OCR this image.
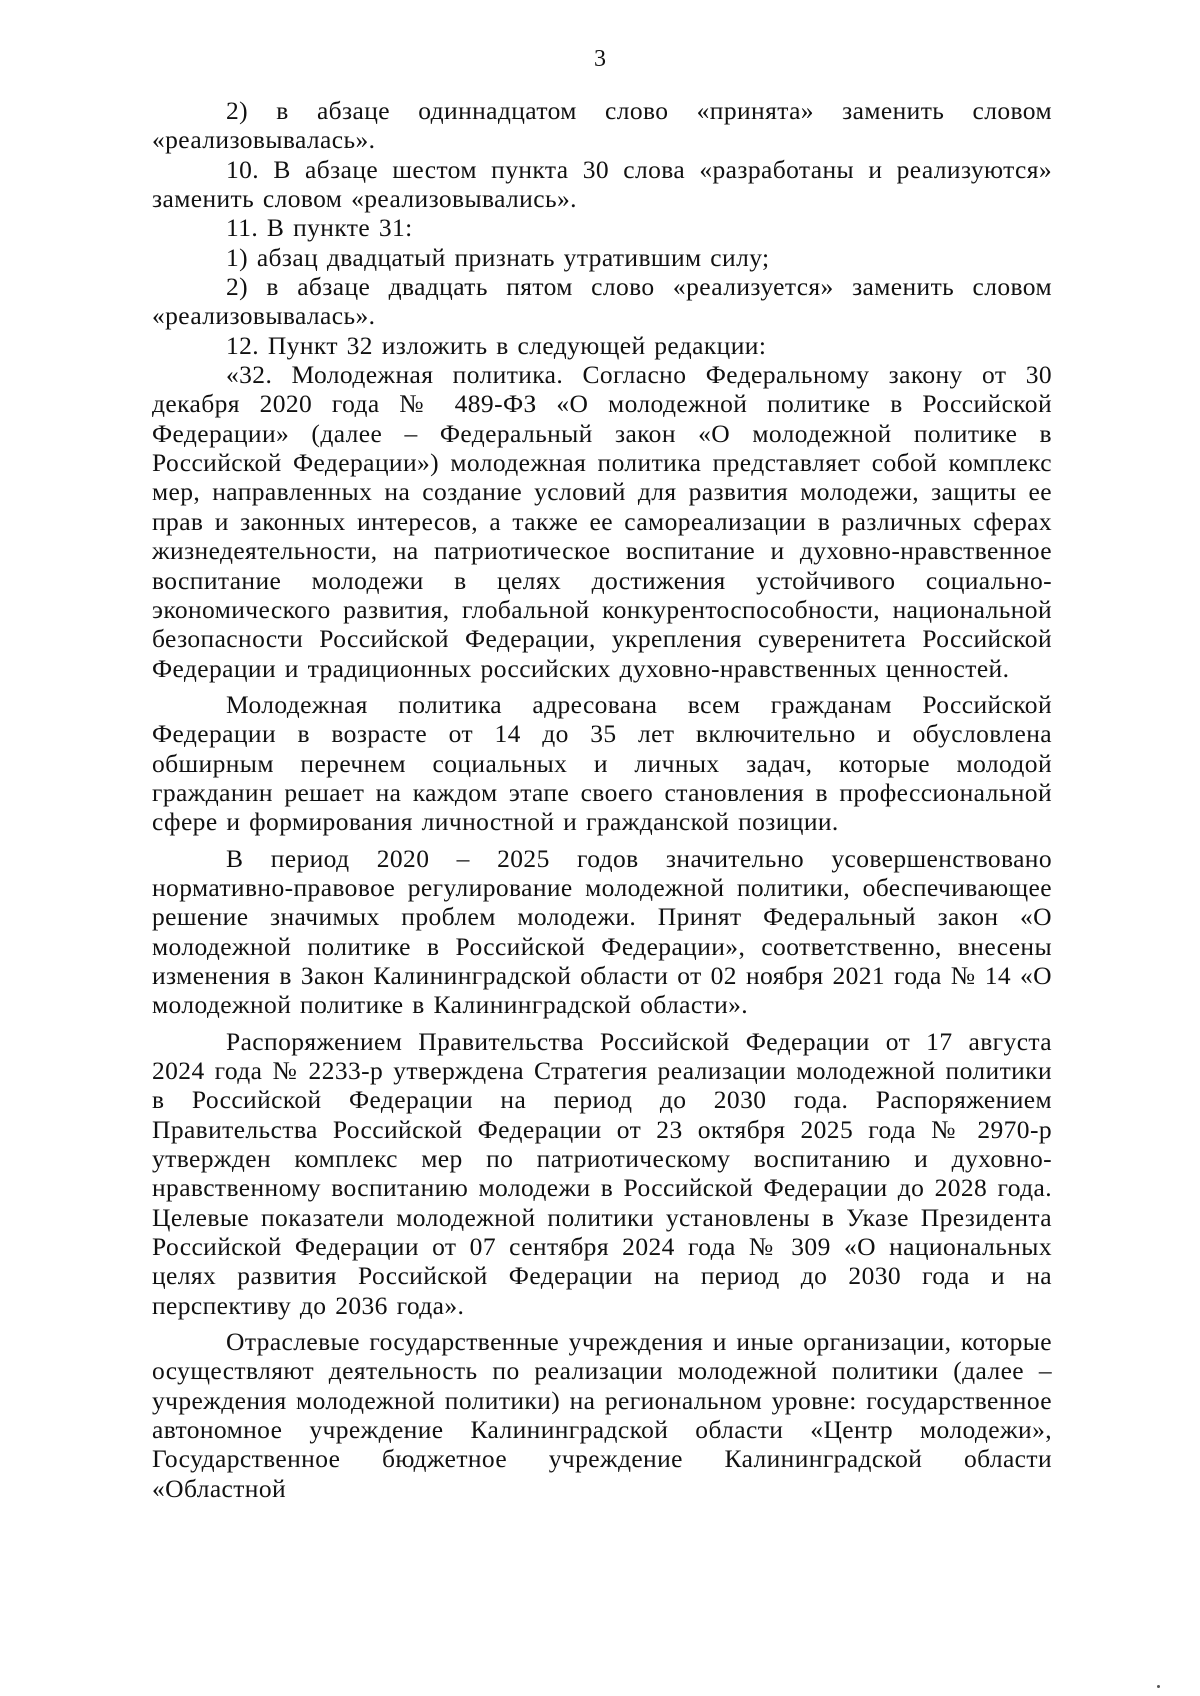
3

2) в абзаце одиннадцатом слово «принята» заменить словом «реализовывалась».

10. В абзаце шестом пункта 30 слова «разработаны и реализуются» заменить словом «реализовывались».

11. В пункте 31:

1) абзац двадцатый признать утратившим силу;

2) в абзаце двадцать пятом слово «реализуется» заменить словом «реализовывалась».

12. Пункт 32 изложить в следующей редакции:

«32. Молодежная политика. Согласно Федеральному закону от 30 декабря 2020 года № 489-ФЗ «О молодежной политике в Российской Федерации» (далее – Федеральный закон «О молодежной политике в Российской Федерации») молодежная политика представляет собой комплекс мер, направленных на создание условий для развития молодежи, защиты ее прав и законных интересов, а также ее самореализации в различных сферах жизнедеятельности, на патриотическое воспитание и духовно-нравственное воспитание молодежи в целях достижения устойчивого социально-экономического развития, глобальной конкурентоспособности, национальной безопасности Российской Федерации, укрепления суверенитета Российской Федерации и традиционных российских духовно-нравственных ценностей.

Молодежная политика адресована всем гражданам Российской Федерации в возрасте от 14 до 35 лет включительно и обусловлена обширным перечнем социальных и личных задач, которые молодой гражданин решает на каждом этапе своего становления в профессиональной сфере и формирования личностной и гражданской позиции.

В период 2020 – 2025 годов значительно усовершенствовано нормативно-правовое регулирование молодежной политики, обеспечивающее решение значимых проблем молодежи. Принят Федеральный закон «О молодежной политике в Российской Федерации», соответственно, внесены изменения в Закон Калининградской области от 02 ноября 2021 года № 14 «О молодежной политике в Калининградской области».

Распоряжением Правительства Российской Федерации от 17 августа 2024 года № 2233-р утверждена Стратегия реализации молодежной политики в Российской Федерации на период до 2030 года. Распоряжением Правительства Российской Федерации от 23 октября 2025 года № 2970-р утвержден комплекс мер по патриотическому воспитанию и духовно-нравственному воспитанию молодежи в Российской Федерации до 2028 года. Целевые показатели молодежной политики установлены в Указе Президента Российской Федерации от 07 сентября 2024 года № 309 «О национальных целях развития Российской Федерации на период до 2030 года и на перспективу до 2036 года».

Отраслевые государственные учреждения и иные организации, которые осуществляют деятельность по реализации молодежной политики (далее – учреждения молодежной политики) на региональном уровне: государственное автономное учреждение Калининградской области «Центр молодежи», Государственное бюджетное учреждение Калининградской области «Областной
